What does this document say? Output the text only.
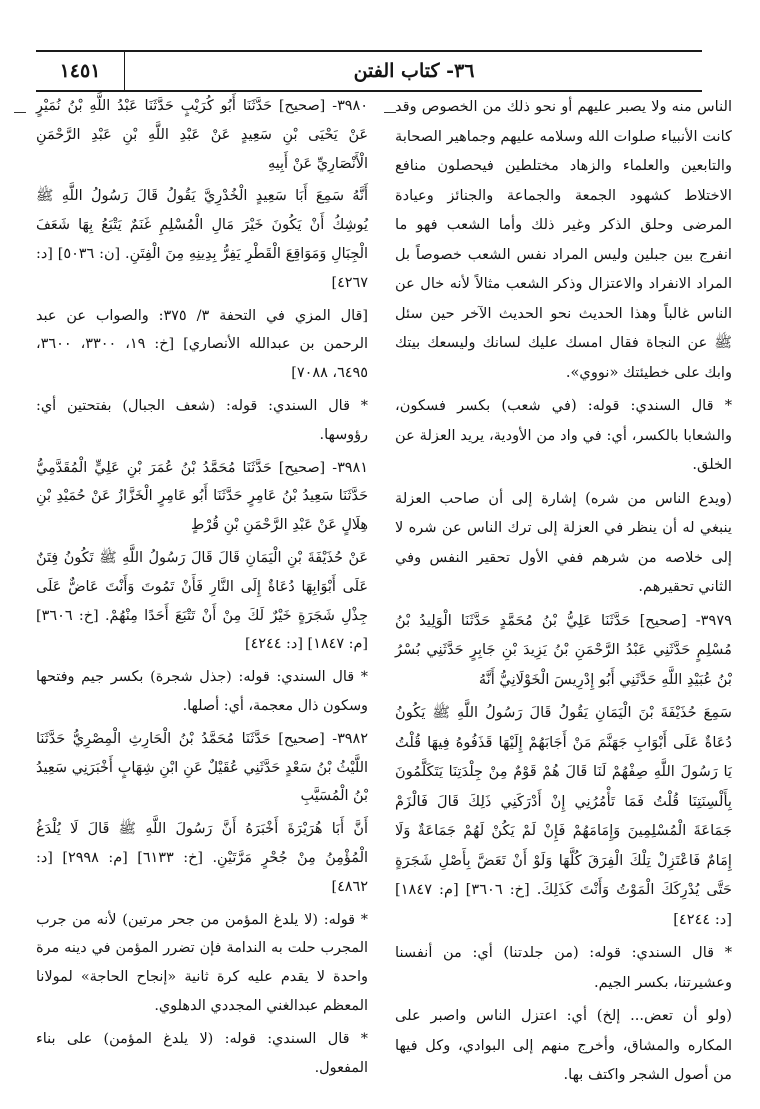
١٤٥١	٣٦- كتاب الفتن

الناس منه ولا يصبر عليهم أو نحو ذلك من الخصوص وقد كانت الأنبياء صلوات الله وسلامه عليهم وجماهير الصحابة والتابعين والعلماء والزهاد مختلطين فيحصلون منافع الاختلاط كشهود الجمعة والجماعة والجنائز وعيادة المرضى وحلق الذكر وغير ذلك وأما الشعب فهو ما انفرج بين جبلين وليس المراد نفس الشعب خصوصاً بل المراد الانفراد والاعتزال وذكر الشعب مثالاً لأنه خال عن الناس غالباً وهذا الحديث نحو الحديث الآخر حين سئل ﷺ عن النجاة فقال امسك عليك لسانك وليسعك بيتك وابك على خطيئتك «نووي».

* قال السندي: قوله: (في شعب) بكسر فسكون، والشعابا بالكسر، أي: في واد من الأودية، يريد العزلة عن الخلق.

(ويدع الناس من شره) إشارة إلى أن صاحب العزلة ينبغي له أن ينظر في العزلة إلى ترك الناس عن شره لا إلى خلاصه من شرهم ففي الأول تحقير النفس وفي الثاني تحقيرهم.

٣٩٧٩- [صحيح] حَدَّثَنَا عَلِيُّ بْنُ مُحَمَّدٍ حَدَّثَنَا الْوَلِيدُ بْنُ مُسْلِمٍ حَدَّثَنِي عَبْدُ الرَّحْمَنِ بْنُ يَزِيدَ بْنِ جَابِرٍ حَدَّثَنِي بُسْرُ بْنُ عُبَيْدِ اللَّهِ حَدَّثَنِي أَبُو إِدْرِيسَ الْخَوْلَانِيُّ أَنَّهُ

سَمِعَ حُذَيْفَةَ بْنَ الْيَمَانِ يَقُولُ قَالَ رَسُولُ اللَّهِ ﷺ يَكُونُ دُعَاةٌ عَلَى أَبْوَابِ جَهَنَّمَ مَنْ أَجَابَهُمْ إِلَيْهَا قَذَفُوهُ فِيهَا قُلْتُ يَا رَسُولَ اللَّهِ صِفْهُمْ لَنَا قَالَ هُمْ قَوْمٌ مِنْ جِلْدَتِنَا يَتَكَلَّمُونَ بِأَلْسِنَتِنَا قُلْتُ فَمَا تَأْمُرُنِي إِنْ أَدْرَكَنِي ذَلِكَ قَالَ فَالْزَمْ جَمَاعَةَ الْمُسْلِمِينَ وَإِمَامَهُمْ فَإِنْ لَمْ يَكُنْ لَهُمْ جَمَاعَةٌ وَلَا إِمَامٌ فَاعْتَزِلْ تِلْكَ الْفِرَقَ كُلَّهَا وَلَوْ أَنْ تَعَضَّ بِأَصْلِ شَجَرَةٍ حَتَّى يُدْرِكَكَ الْمَوْتُ وَأَنْتَ كَذَلِكَ. [خ: ٣٦٠٦] [م: ١٨٤٧] [د: ٤٢٤٤]

* قال السندي: قوله: (من جلدتنا) أي: من أنفسنا وعشيرتنا، بكسر الجيم.

(ولو أن تعض... إلخ) أي: اعتزل الناس واصبر على المكاره والمشاق، وأخرج منهم إلى البوادي، وكل فيها من أصول الشجر واكتف بها.

٣٩٨٠- [صحيح] حَدَّثَنَا أَبُو كُرَيْبٍ حَدَّثَنَا عَبْدُ اللَّهِ بْنُ نُمَيْرٍ عَنْ يَحْيَى بْنِ سَعِيدٍ عَنْ عَبْدِ اللَّهِ بْنِ عَبْدِ الرَّحْمَنِ الْأَنْصَارِيِّ عَنْ أَبِيهِ

أَنَّهُ سَمِعَ أَبَا سَعِيدٍ الْخُدْرِيَّ يَقُولُ قَالَ رَسُولُ اللَّهِ ﷺ يُوشِكُ أَنْ يَكُونَ خَيْرَ مَالِ الْمُسْلِمِ غَنَمٌ يَتْبَعُ بِهَا شَعَفَ الْجِبَالِ وَمَوَاقِعَ الْقَطْرِ يَفِرُّ بِدِينِهِ مِنَ الْفِتَنِ. [ن: ٥٠٣٦] [د: ٤٢٦٧]

[قال المزي في التحفة ٣/ ٣٧٥: والصواب عن عبد الرحمن بن عبدالله الأنصاري] [خ: ١٩، ٣٣٠٠، ٣٦٠٠، ٦٤٩٥، ٧٠٨٨]

* قال السندي: قوله: (شعف الجبال) بفتحتين أي: رؤوسها.

٣٩٨١- [صحيح] حَدَّثَنَا مُحَمَّدُ بْنُ عُمَرَ بْنِ عَلِيٍّ الْمُقَدَّمِيُّ حَدَّثَنَا سَعِيدُ بْنُ عَامِرٍ حَدَّثَنَا أَبُو عَامِرٍ الْخَزَّازُ عَنْ حُمَيْدِ بْنِ هِلَالٍ عَنْ عَبْدِ الرَّحْمَنِ بْنِ قُرْطٍ

عَنْ حُذَيْفَةَ بْنِ الْيَمَانِ قَالَ قَالَ رَسُولُ اللَّهِ ﷺ تَكُونُ فِتَنٌ عَلَى أَبْوَابِهَا دُعَاةٌ إِلَى النَّارِ فَأَنْ تَمُوتَ وَأَنْتَ عَاضٌّ عَلَى جِذْلِ شَجَرَةٍ خَيْرٌ لَكَ مِنْ أَنْ تَتْبَعَ أَحَدًا مِنْهُمْ. [خ: ٣٦٠٦] [م: ١٨٤٧] [د: ٤٢٤٤]

* قال السندي: قوله: (جذل شجرة) بكسر جيم وفتحها وسكون ذال معجمة، أي: أصلها.

٣٩٨٢- [صحيح] حَدَّثَنَا مُحَمَّدُ بْنُ الْحَارِثِ الْمِصْرِيُّ حَدَّثَنَا اللَّيْثُ بْنُ سَعْدٍ حَدَّثَنِي عُقَيْلٌ عَنِ ابْنِ شِهَابٍ أَخْبَرَنِي سَعِيدُ بْنُ الْمُسَيَّبِ

أَنَّ أَبَا هُرَيْرَةَ أَخْبَرَهُ أَنَّ رَسُولَ اللَّهِ ﷺ قَالَ لَا يُلْدَغُ الْمُؤْمِنُ مِنْ جُحْرٍ مَرَّتَيْنِ. [خ: ٦١٣٣] [م: ٢٩٩٨] [د: ٤٨٦٢]

* قوله: (لا يلدغ المؤمن من جحر مرتين) لأنه من جرب المجرب حلت به الندامة فإن تضرر المؤمن في دينه مرة واحدة لا يقدم عليه كرة ثانية «إنجاح الحاجة» لمولانا المعظم عبدالغني المجددي الدهلوي.

* قال السندي: قوله: (لا يلدغ المؤمن) على بناء المفعول.
